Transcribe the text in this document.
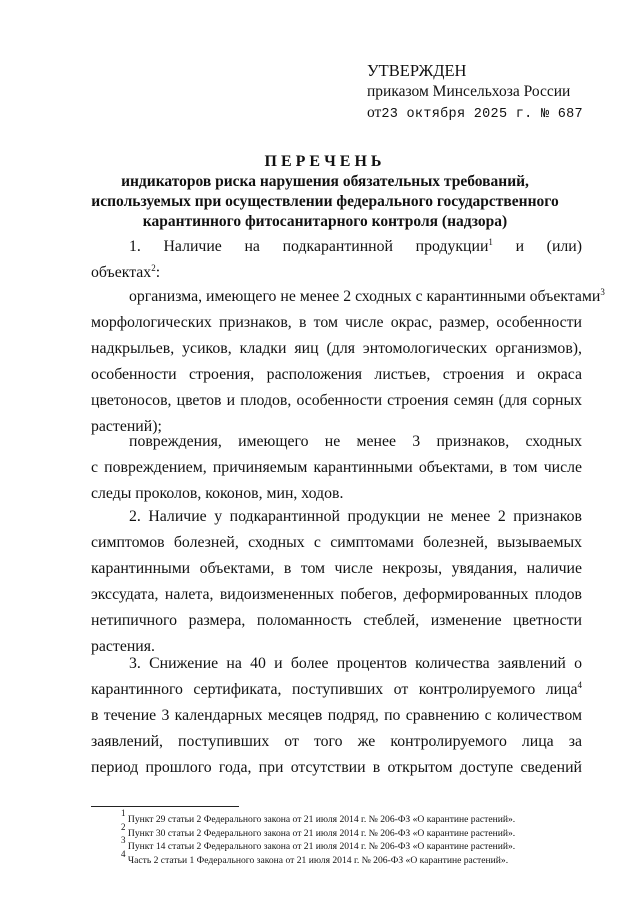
УТВЕРЖДЕН
приказом Минсельхоза России
от23 октября 2025 г. № 687
ПЕРЕЧЕНЬ
индикаторов риска нарушения обязательных требований,
используемых при осуществлении федерального государственного
карантинного фитосанитарного контроля (надзора)
1. Наличие на подкарантинной продукции$^1$ и (или)
объектах$^2$:
организма, имеющего не менее 2 сходных с карантинными объектами$^3$
морфологических признаков, в том числе окрас, размер, особенности
надкрыльев, усиков, кладки яиц (для энтомологических организмов),
особенности строения, расположения листьев, строения и окраса
цветоносов, цветов и плодов, особенности строения семян (для сорных
растений);
повреждения, имеющего не менее 3 признаков, сходных
с повреждением, причиняемым карантинными объектами, в том числе
следы проколов, коконов, мин, ходов.
2. Наличие у подкарантинной продукции не менее 2 признаков
симптомов болезней, сходных с симптомами болезней, вызываемых
карантинными объектами, в том числе некрозы, увядания, наличие
экссудата, налета, видоизмененных побегов, деформированных плодов
нетипичного размера, поломанность стеблей, изменение цветности
растения.
3. Снижение на 40 и более процентов количества заявлений о
карантинного сертификата, поступивших от контролируемого лица$^4$
в течение 3 календарных месяцев подряд, по сравнению с количеством
заявлений, поступивших от того же контролируемого лица за
период прошлого года, при отсутствии в открытом доступе сведений
$^1$ Пункт 29 статьи 2 Федерального закона от 21 июля 2014 г. № 206-ФЗ «О карантине растений».
$^2$ Пункт 30 статьи 2 Федерального закона от 21 июля 2014 г. № 206-ФЗ «О карантине растений».
$^3$ Пункт 14 статьи 2 Федерального закона от 21 июля 2014 г. № 206-ФЗ «О карантине растений».
$^4$ Часть 2 статьи 1 Федерального закона от 21 июля 2014 г. № 206-ФЗ «О карантине растений».
